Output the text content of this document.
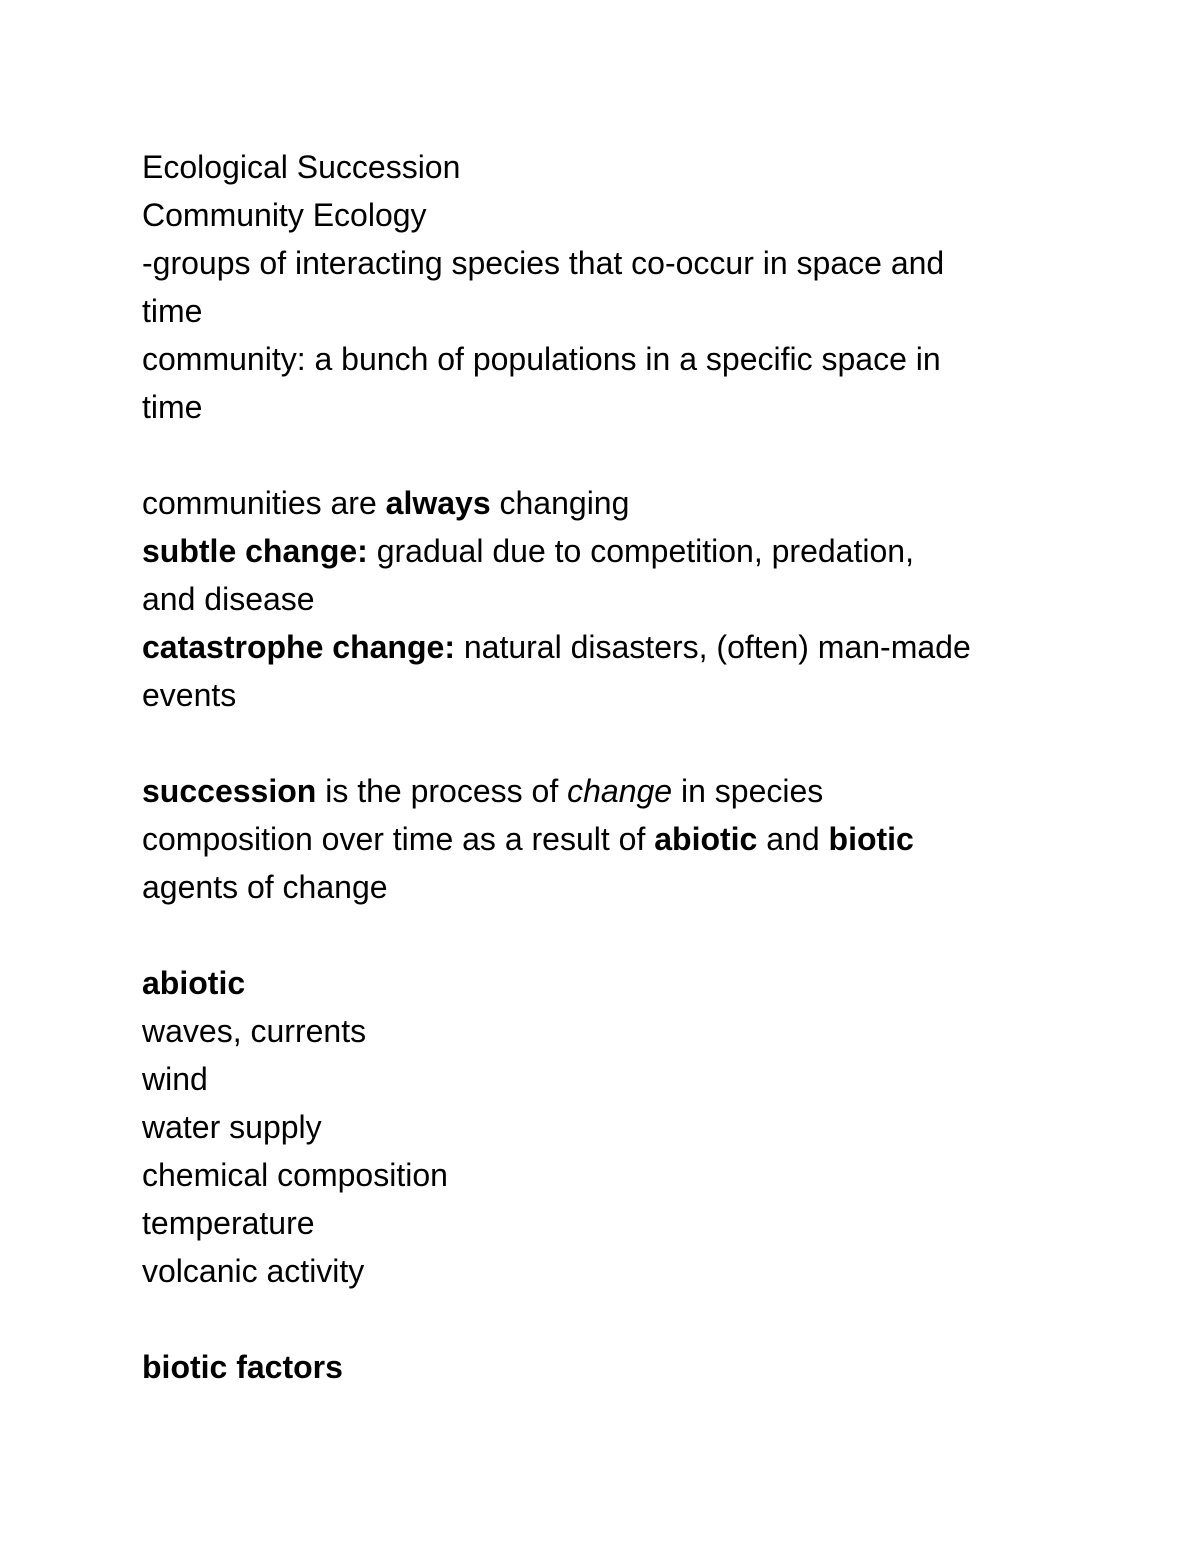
Ecological Succession
Community Ecology
-groups of interacting species that co-occur in space and
time
community: a bunch of populations in a specific space in
time
communities are always changing
subtle change: gradual due to competition, predation,
and disease
catastrophe change: natural disasters, (often) man-made
events
succession is the process of change in species
composition over time as a result of abiotic and biotic
agents of change
abiotic
waves, currents
wind
water supply
chemical composition
temperature
volcanic activity
biotic factors
